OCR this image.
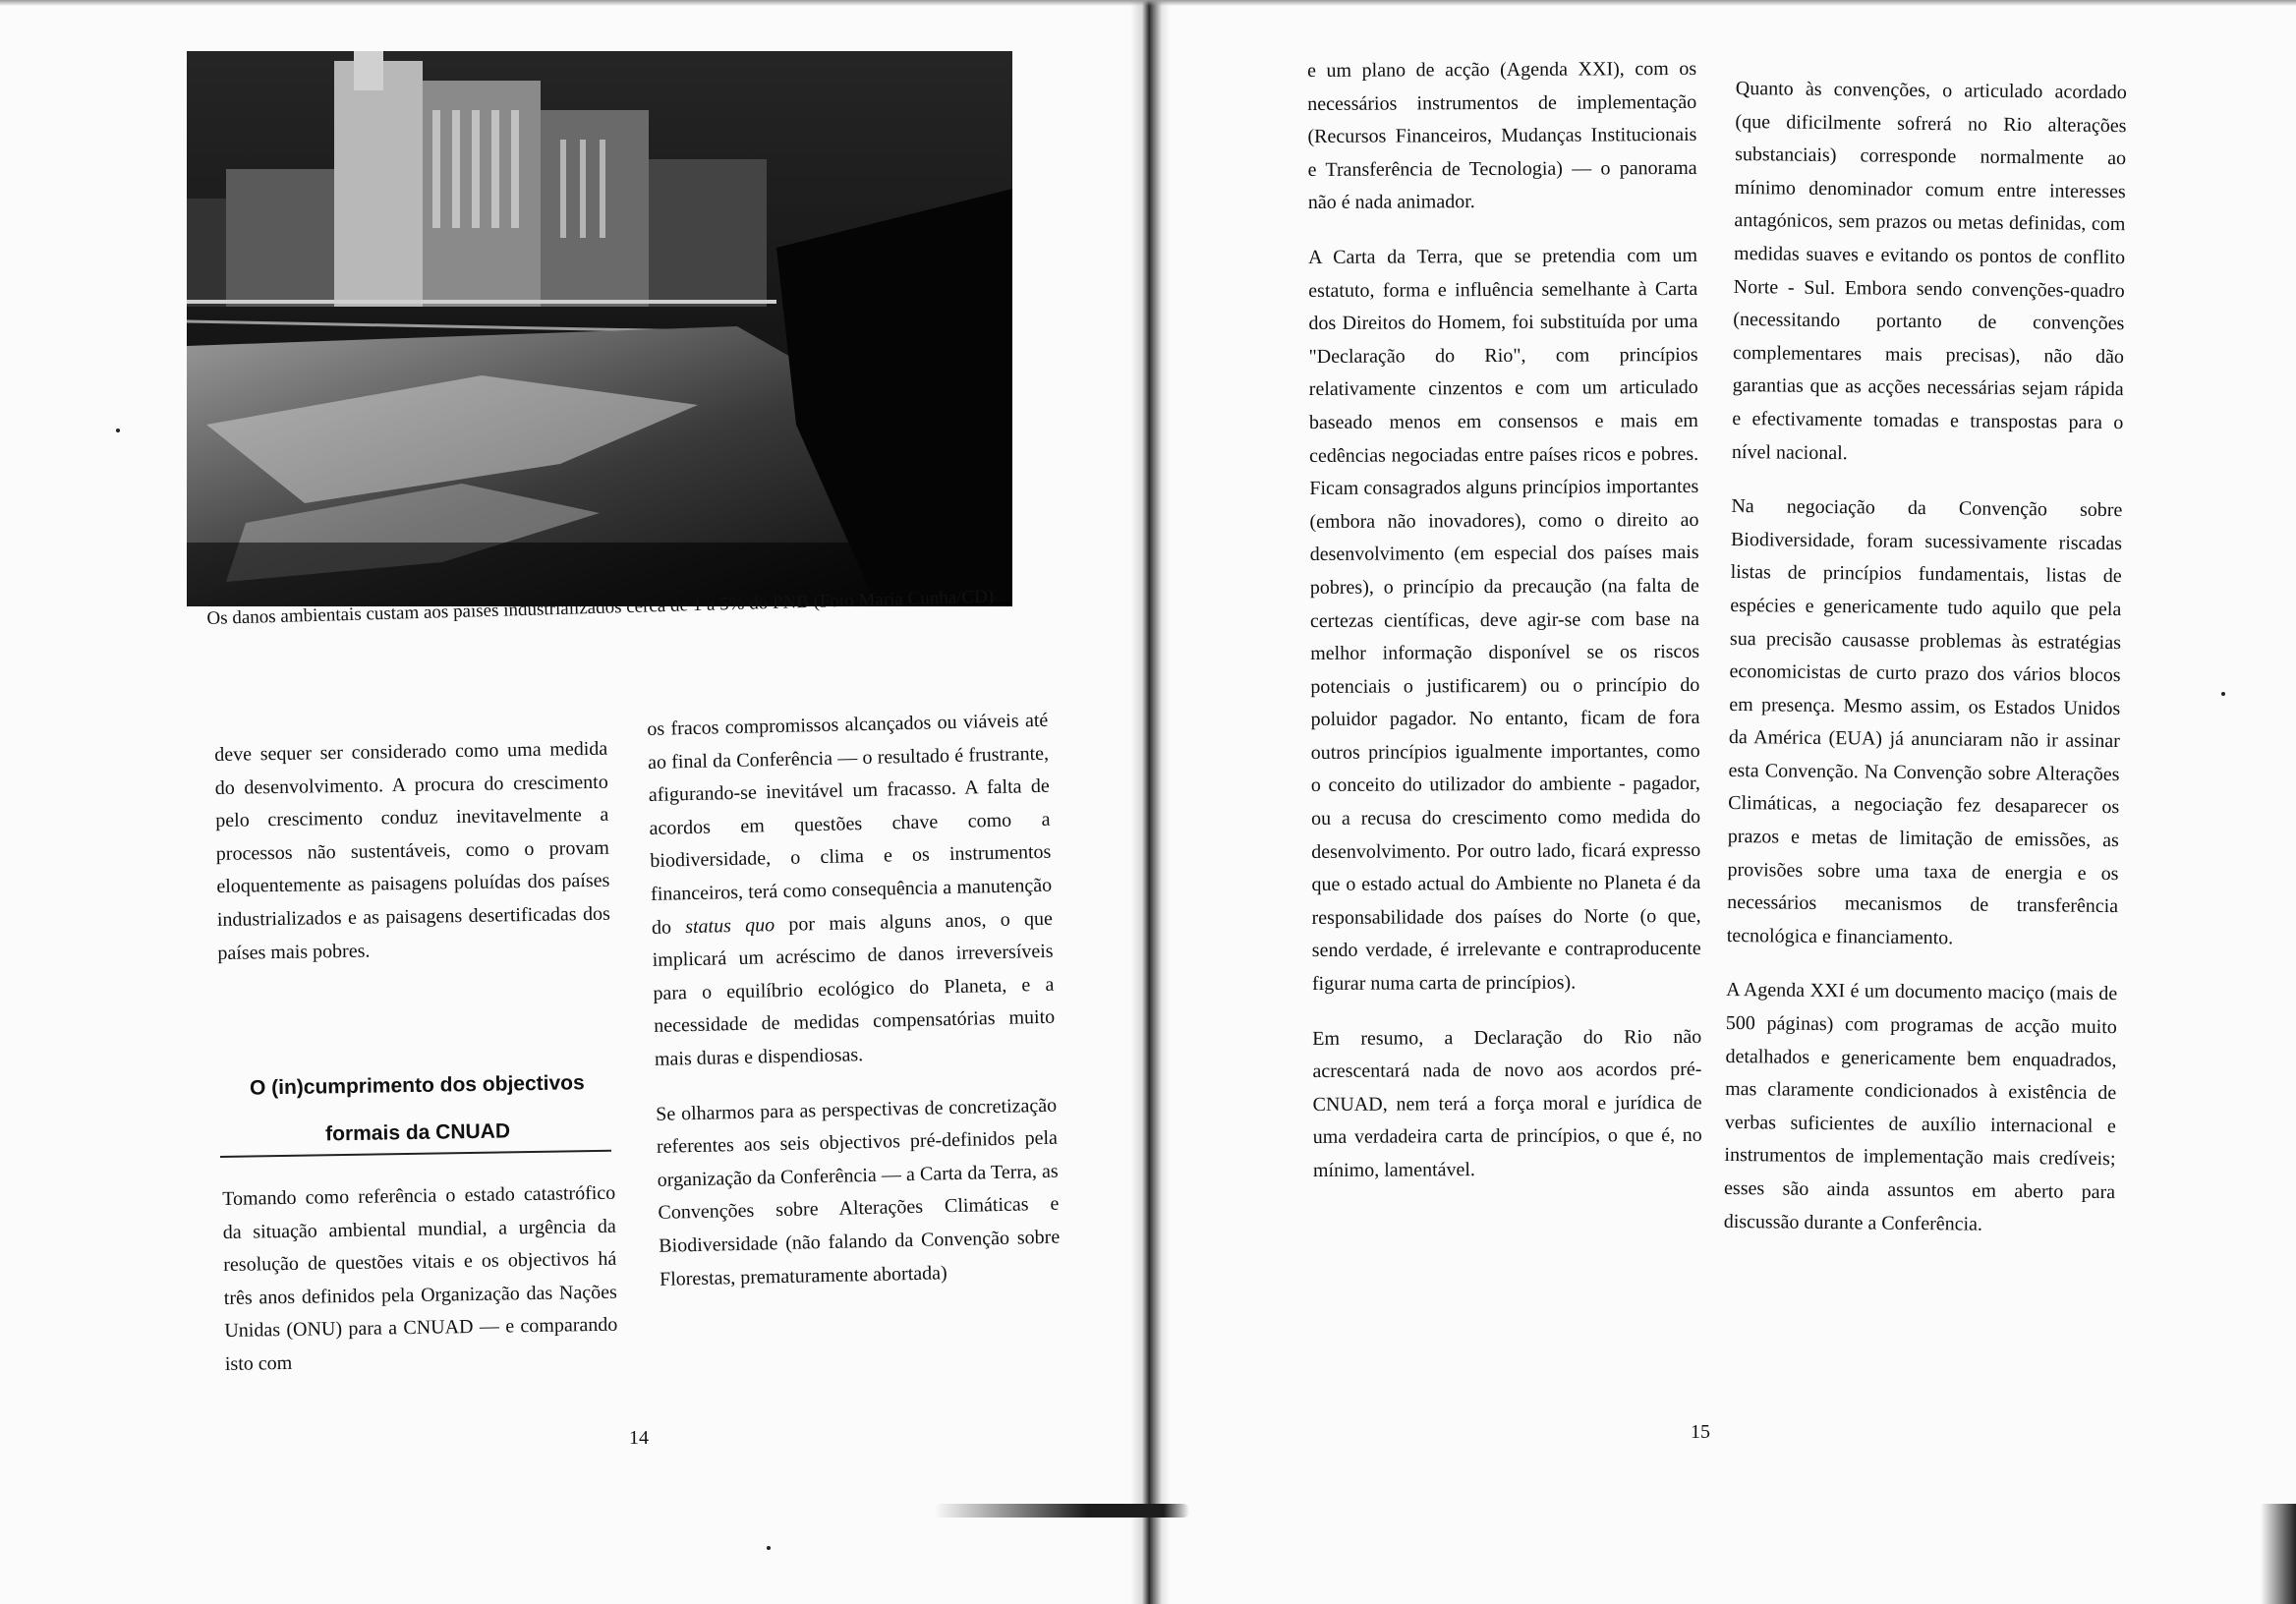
Os danos ambientais custam aos países industrializados cerca de 1 a 5% do PNB (Foto Maria Cunha/CD)

deve sequer ser considerado como uma medida do desenvolvimento. A procura do crescimento pelo crescimento conduz inevitavelmente a processos não sustentáveis, como o provam eloquentemente as paisagens poluídas dos países industrializados e as paisagens desertificadas dos países mais pobres.

O (in)cumprimento dos objectivos formais da CNUAD

Tomando como referência o estado catastrófico da situação ambiental mundial, a urgência da resolução de questões vitais e os objectivos há três anos definidos pela Organização das Nações Unidas (ONU) para a CNUAD — e comparando isto com

os fracos compromissos alcançados ou viáveis até ao final da Conferência — o resultado é frustrante, afigurando-se inevitável um fracasso. A falta de acordos em questões chave como a biodiversidade, o clima e os instrumentos financeiros, terá como consequência a manutenção do status quo por mais alguns anos, o que implicará um acréscimo de danos irreversíveis para o equilíbrio ecológico do Planeta, e a necessidade de medidas compensatórias muito mais duras e dispendiosas.

Se olharmos para as perspectivas de concretização referentes aos seis objectivos pré-definidos pela organização da Conferência — a Carta da Terra, as Convenções sobre Alterações Climáticas e Biodiversidade (não falando da Convenção sobre Florestas, prematuramente abortada)

14	15

e um plano de acção (Agenda XXI), com os necessários instrumentos de implementação (Recursos Financeiros, Mudanças Institucionais e Transferência de Tecnologia) — o panorama não é nada animador.

A Carta da Terra, que se pretendia com um estatuto, forma e influência semelhante à Carta dos Direitos do Homem, foi substituída por uma "Declaração do Rio", com princípios relativamente cinzentos e com um articulado baseado menos em consensos e mais em cedências negociadas entre países ricos e pobres. Ficam consagrados alguns princípios importantes (embora não inovadores), como o direito ao desenvolvimento (em especial dos países mais pobres), o princípio da precaução (na falta de certezas científicas, deve agir-se com base na melhor informação disponível se os riscos potenciais o justificarem) ou o princípio do poluidor pagador. No entanto, ficam de fora outros princípios igualmente importantes, como o conceito do utilizador do ambiente - pagador, ou a recusa do crescimento como medida do desenvolvimento. Por outro lado, ficará expresso que o estado actual do Ambiente no Planeta é da responsabilidade dos países do Norte (o que, sendo verdade, é irrelevante e contraproducente figurar numa carta de princípios).

Em resumo, a Declaração do Rio não acrescentará nada de novo aos acordos pré-CNUAD, nem terá a força moral e jurídica de uma verdadeira carta de princípios, o que é, no mínimo, lamentável.

Quanto às convenções, o articulado acordado (que dificilmente sofrerá no Rio alterações substanciais) corresponde normalmente ao mínimo denominador comum entre interesses antagónicos, sem prazos ou metas definidas, com medidas suaves e evitando os pontos de conflito Norte - Sul. Embora sendo convenções-quadro (necessitando portanto de convenções complementares mais precisas), não dão garantias que as acções necessárias sejam rápida e efectivamente tomadas e transpostas para o nível nacional.

Na negociação da Convenção sobre Biodiversidade, foram sucessivamente riscadas listas de princípios fundamentais, listas de espécies e genericamente tudo aquilo que pela sua precisão causasse problemas às estratégias economicistas de curto prazo dos vários blocos em presença. Mesmo assim, os Estados Unidos da América (EUA) já anunciaram não ir assinar esta Convenção. Na Convenção sobre Alterações Climáticas, a negociação fez desaparecer os prazos e metas de limitação de emissões, as provisões sobre uma taxa de energia e os necessários mecanismos de transferência tecnológica e financiamento.

A Agenda XXI é um documento maciço (mais de 500 páginas) com programas de acção muito detalhados e genericamente bem enquadrados, mas claramente condicionados à existência de verbas suficientes de auxílio internacional e instrumentos de implementação mais credíveis; esses são ainda assuntos em aberto para discussão durante a Conferência.
